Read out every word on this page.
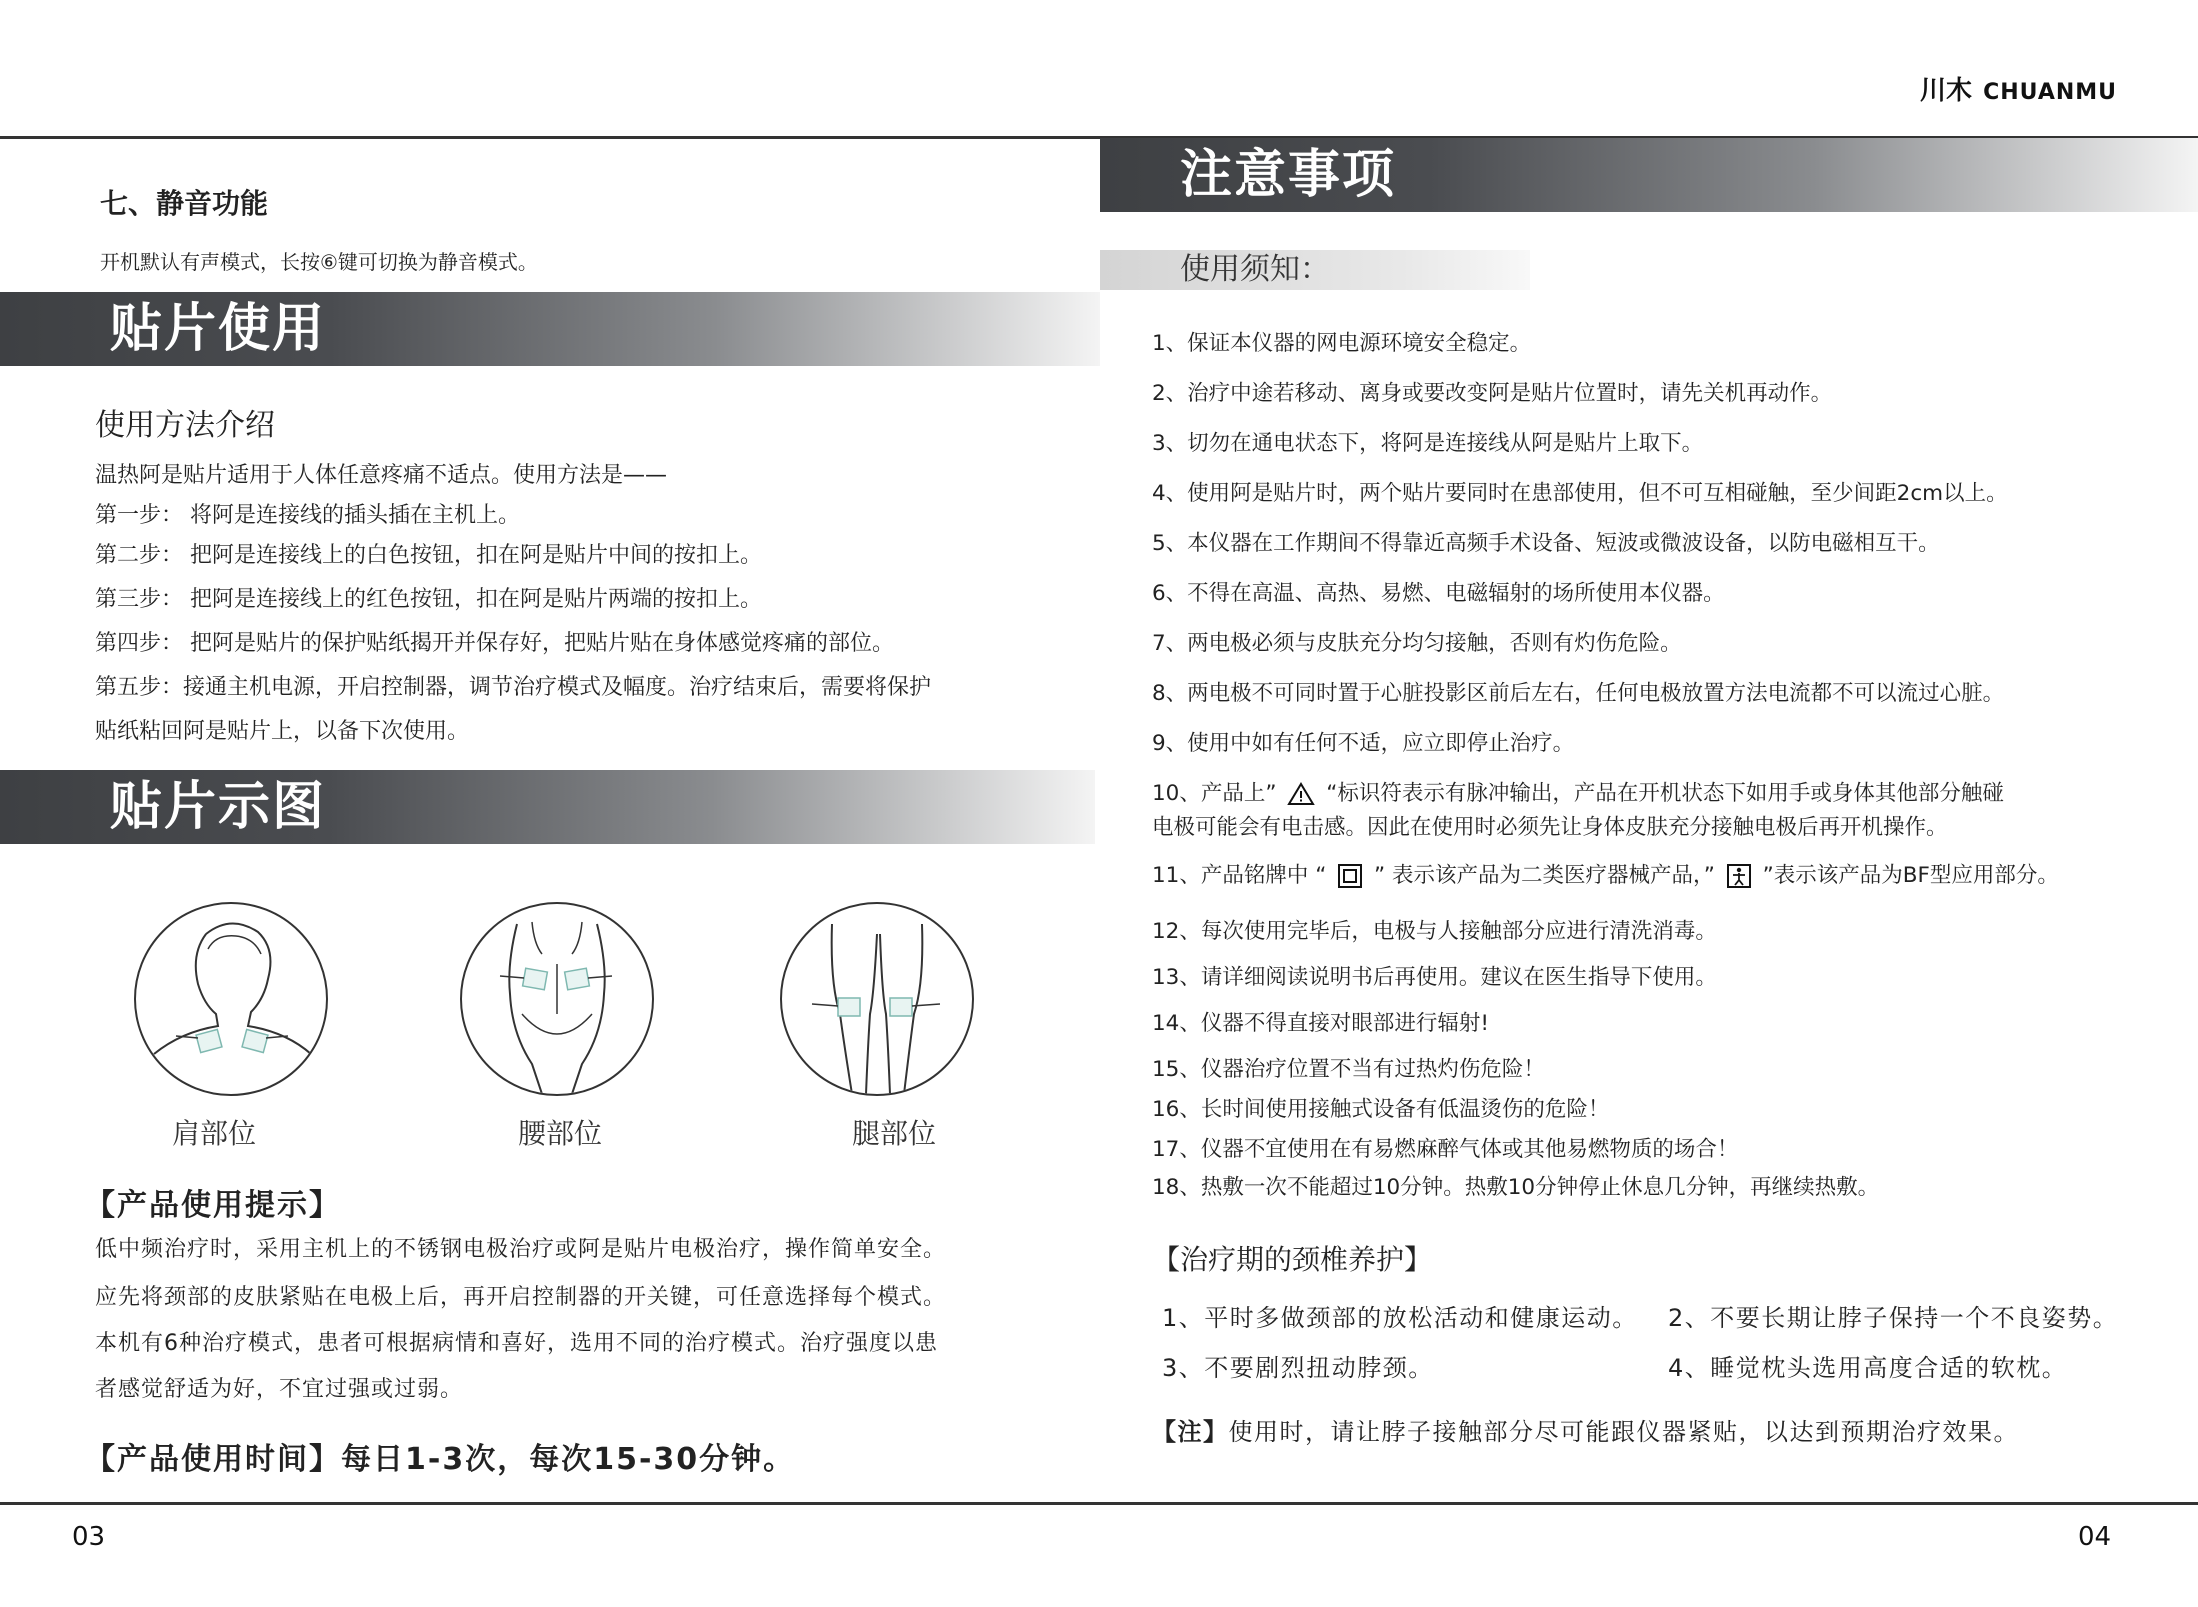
川木 CHUANMU
七、静音功能
开机默认有声模式，长按⑥键可切换为静音模式。
贴片使用
使用方法介绍
温热阿是贴片适用于人体任意疼痛不适点。使用方法是——
第一步： 将阿是连接线的插头插在主机上。
第二步： 把阿是连接线上的白色按钮，扣在阿是贴片中间的按扣上。
第三步： 把阿是连接线上的红色按钮，扣在阿是贴片两端的按扣上。
第四步： 把阿是贴片的保护贴纸揭开并保存好，把贴片贴在身体感觉疼痛的部位。
第五步：接通主机电源，开启控制器，调节治疗模式及幅度。治疗结束后，需要将保护
贴纸粘回阿是贴片上，以备下次使用。
贴片示图
肩部位	腰部位	腿部位
【产品使用提示】
低中频治疗时，采用主机上的不锈钢电极治疗或阿是贴片电极治疗，操作简单安全。
应先将颈部的皮肤紧贴在电极上后，再开启控制器的开关键，可任意选择每个模式。
本机有6种治疗模式，患者可根据病情和喜好，选用不同的治疗模式。治疗强度以患
者感觉舒适为好，不宜过强或过弱。
【产品使用时间】每日1-3次，每次15-30分钟。
03
注意事项
使用须知：
1、保证本仪器的网电源环境安全稳定。
2、治疗中途若移动、离身或要改变阿是贴片位置时，请先关机再动作。
3、切勿在通电状态下，将阿是连接线从阿是贴片上取下。
4、使用阿是贴片时，两个贴片要同时在患部使用，但不可互相碰触，至少间距2cm以上。
5、本仪器在工作期间不得靠近高频手术设备、短波或微波设备，以防电磁相互干。
6、不得在高温、高热、易燃、电磁辐射的场所使用本仪器。
7、两电极必须与皮肤充分均匀接触，否则有灼伤危险。
8、两电极不可同时置于心脏投影区前后左右，任何电极放置方法电流都不可以流过心脏。
9、使用中如有任何不适，应立即停止治疗。
10、产品上” “标识符表示有脉冲输出，产品在开机状态下如用手或身体其他部分触碰
电极可能会有电击感。因此在使用时必须先让身体皮肤充分接触电极后再开机操作。
11、产品铭牌中 “ ” 表示该产品为二类医疗器械产品，” ”表示该产品为BF型应用部分。
12、每次使用完毕后，电极与人接触部分应进行清洗消毒。
13、请详细阅读说明书后再使用。建议在医生指导下使用。
14、仪器不得直接对眼部进行辐射!
15、仪器治疗位置不当有过热灼伤危险！
16、长时间使用接触式设备有低温烫伤的危险！
17、仪器不宜使用在有易燃麻醉气体或其他易燃物质的场合！
18、热敷一次不能超过10分钟。热敷10分钟停止休息几分钟，再继续热敷。
【治疗期的颈椎养护】
1、平时多做颈部的放松活动和健康运动。 2、不要长期让脖子保持一个不良姿势。
3、不要剧烈扭动脖颈。	4、睡觉枕头选用高度合适的软枕。
【注】使用时，请让脖子接触部分尽可能跟仪器紧贴，以达到预期治疗效果。
04
